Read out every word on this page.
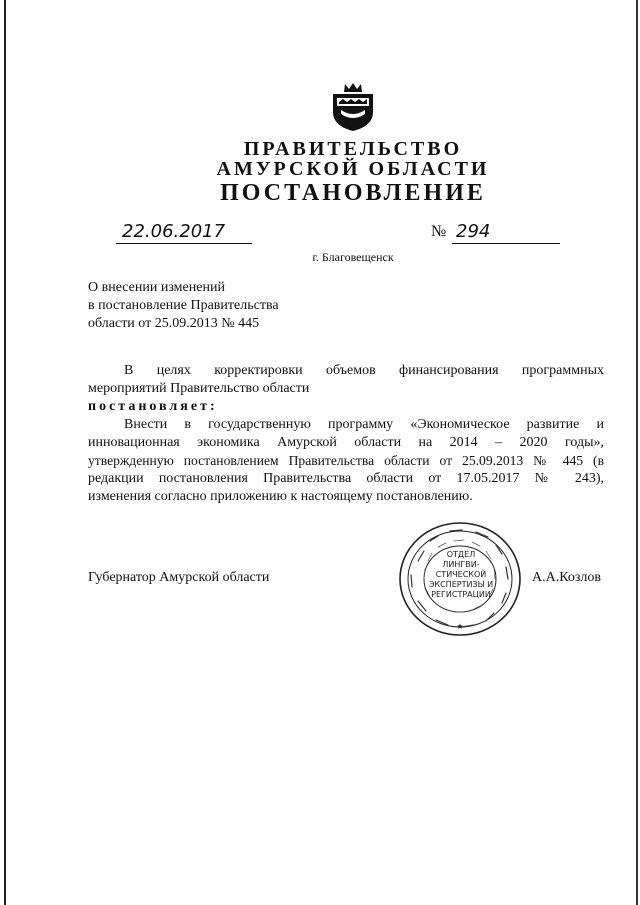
ПРАВИТЕЛЬСТВО
АМУРСКОЙ ОБЛАСТИ
ПОСТАНОВЛЕНИЕ
22.06.2017	№ 294
г. Благовещенск
О внесении изменений
в постановление Правительства
области от 25.09.2013 № 445
В целях корректировки объемов финансирования программных
мероприятий Правительство области
постановляет:
Внести в государственную программу «Экономическое развитие и
инновационная экономика Амурской области на 2014 – 2020 годы»,
утвержденную постановлением Правительства области от 25.09.2013 № 445 (в
редакции постановления Правительства области от 17.05.2017 № 243),
изменения согласно приложению к настоящему постановлению.
Губернатор Амурской области	А.А.Козлов
★
ОТДЕЛ
ЛИНГВИ-
СТИЧЕСКОЙ
ЭКСПЕРТИЗЫ И
РЕГИСТРАЦИИ
